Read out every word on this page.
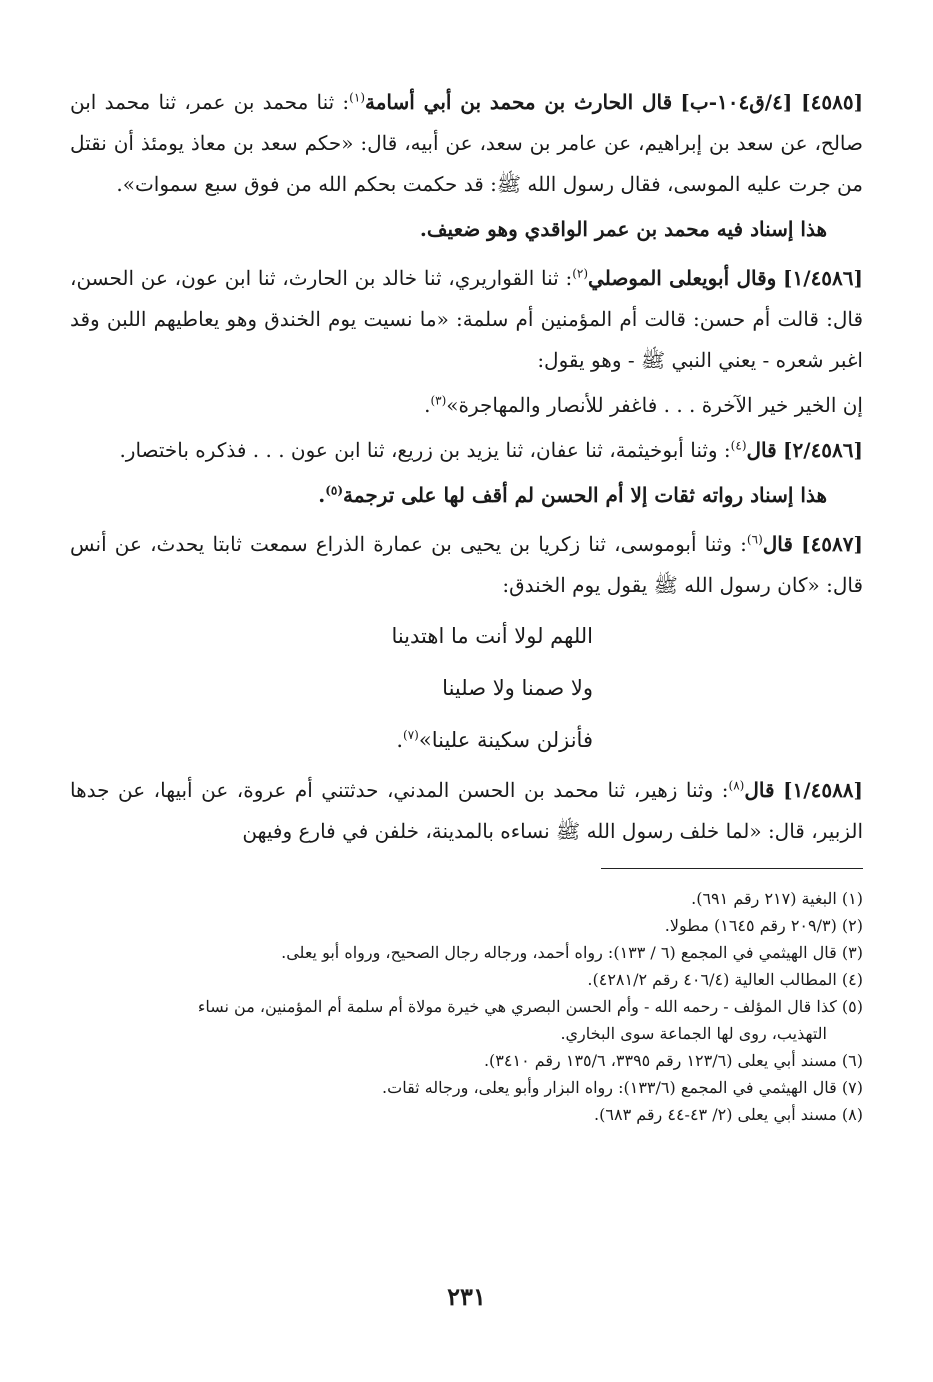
[٤٥٨٥] [٤/ق١٠٤-ب] قال الحارث بن محمد بن أبي أسامة$^{(١)}$: ثنا محمد بن عمر، ثنا محمد ابن صالح، عن سعد بن إبراهيم، عن عامر بن سعد، عن أبيه، قال: «حكم سعد بن معاذ يومئذ أن نقتل من جرت عليه الموسى، فقال رسول الله ﷺ: قد حكمت بحكم الله من فوق سبع سموات».

هذا إسناد فيه محمد بن عمر الواقدي وهو ضعيف.

[١/٤٥٨٦] وقال أبويعلى الموصلي$^{(٢)}$: ثنا القواريري، ثنا خالد بن الحارث، ثنا ابن عون، عن الحسن، قال: قالت أم حسن: قالت أم المؤمنين أم سلمة: «ما نسيت يوم الخندق وهو يعاطيهم اللبن وقد اغبر شعره - يعني النبي ﷺ - وهو يقول:

إن الخير خير الآخرة . . . فاغفر للأنصار والمهاجرة»$^{(٣)}$.

[٢/٤٥٨٦] قال$^{(٤)}$: وثنا أبوخيثمة، ثنا عفان، ثنا يزيد بن زريع، ثنا ابن عون . . . فذكره باختصار.

هذا إسناد رواته ثقات إلا أم الحسن لم أقف لها على ترجمة$^{(٥)}$.

[٤٥٨٧] قال$^{(٦)}$: وثنا أبوموسى، ثنا زكريا بن يحيى بن عمارة الذراع سمعت ثابتا يحدث، عن أنس قال: «كان رسول الله ﷺ يقول يوم الخندق:

اللهم لولا أنت ما اهتدينا

ولا صمنا ولا صلينا

فأنزلن سكينة علينا»$^{(٧)}$.

[١/٤٥٨٨] قال$^{(٨)}$: وثنا زهير، ثنا محمد بن الحسن المدني، حدثتني أم عروة، عن أبيها، عن جدها الزبير، قال: «لما خلف رسول الله ﷺ نساءه بالمدينة، خلفن في فارع وفيهن

(١) البغية (٢١٧ رقم ٦٩١).

(٢) (٢٠٩/٣ رقم ١٦٤٥) مطولا.

(٣) قال الهيثمي في المجمع (٦ / ١٣٣): رواه أحمد، ورجاله رجال الصحيح، ورواه أبو يعلى.

(٤) المطالب العالية (٤٠٦/٤ رقم ٤٢٨١/٢).

(٥) كذا قال المؤلف - رحمه الله - وأم الحسن البصري هي خيرة مولاة أم سلمة أم المؤمنين، من نساء

التهذيب، روى لها الجماعة سوى البخاري.

(٦) مسند أبي يعلى (١٢٣/٦ رقم ٣٣٩٥، ١٣٥/٦ رقم ٣٤١٠).

(٧) قال الهيثمي في المجمع (١٣٣/٦): رواه البزار وأبو يعلى، ورجاله ثقات.

(٨) مسند أبي يعلى (٢/ ٤٣-٤٤ رقم ٦٨٣).

٢٣١
